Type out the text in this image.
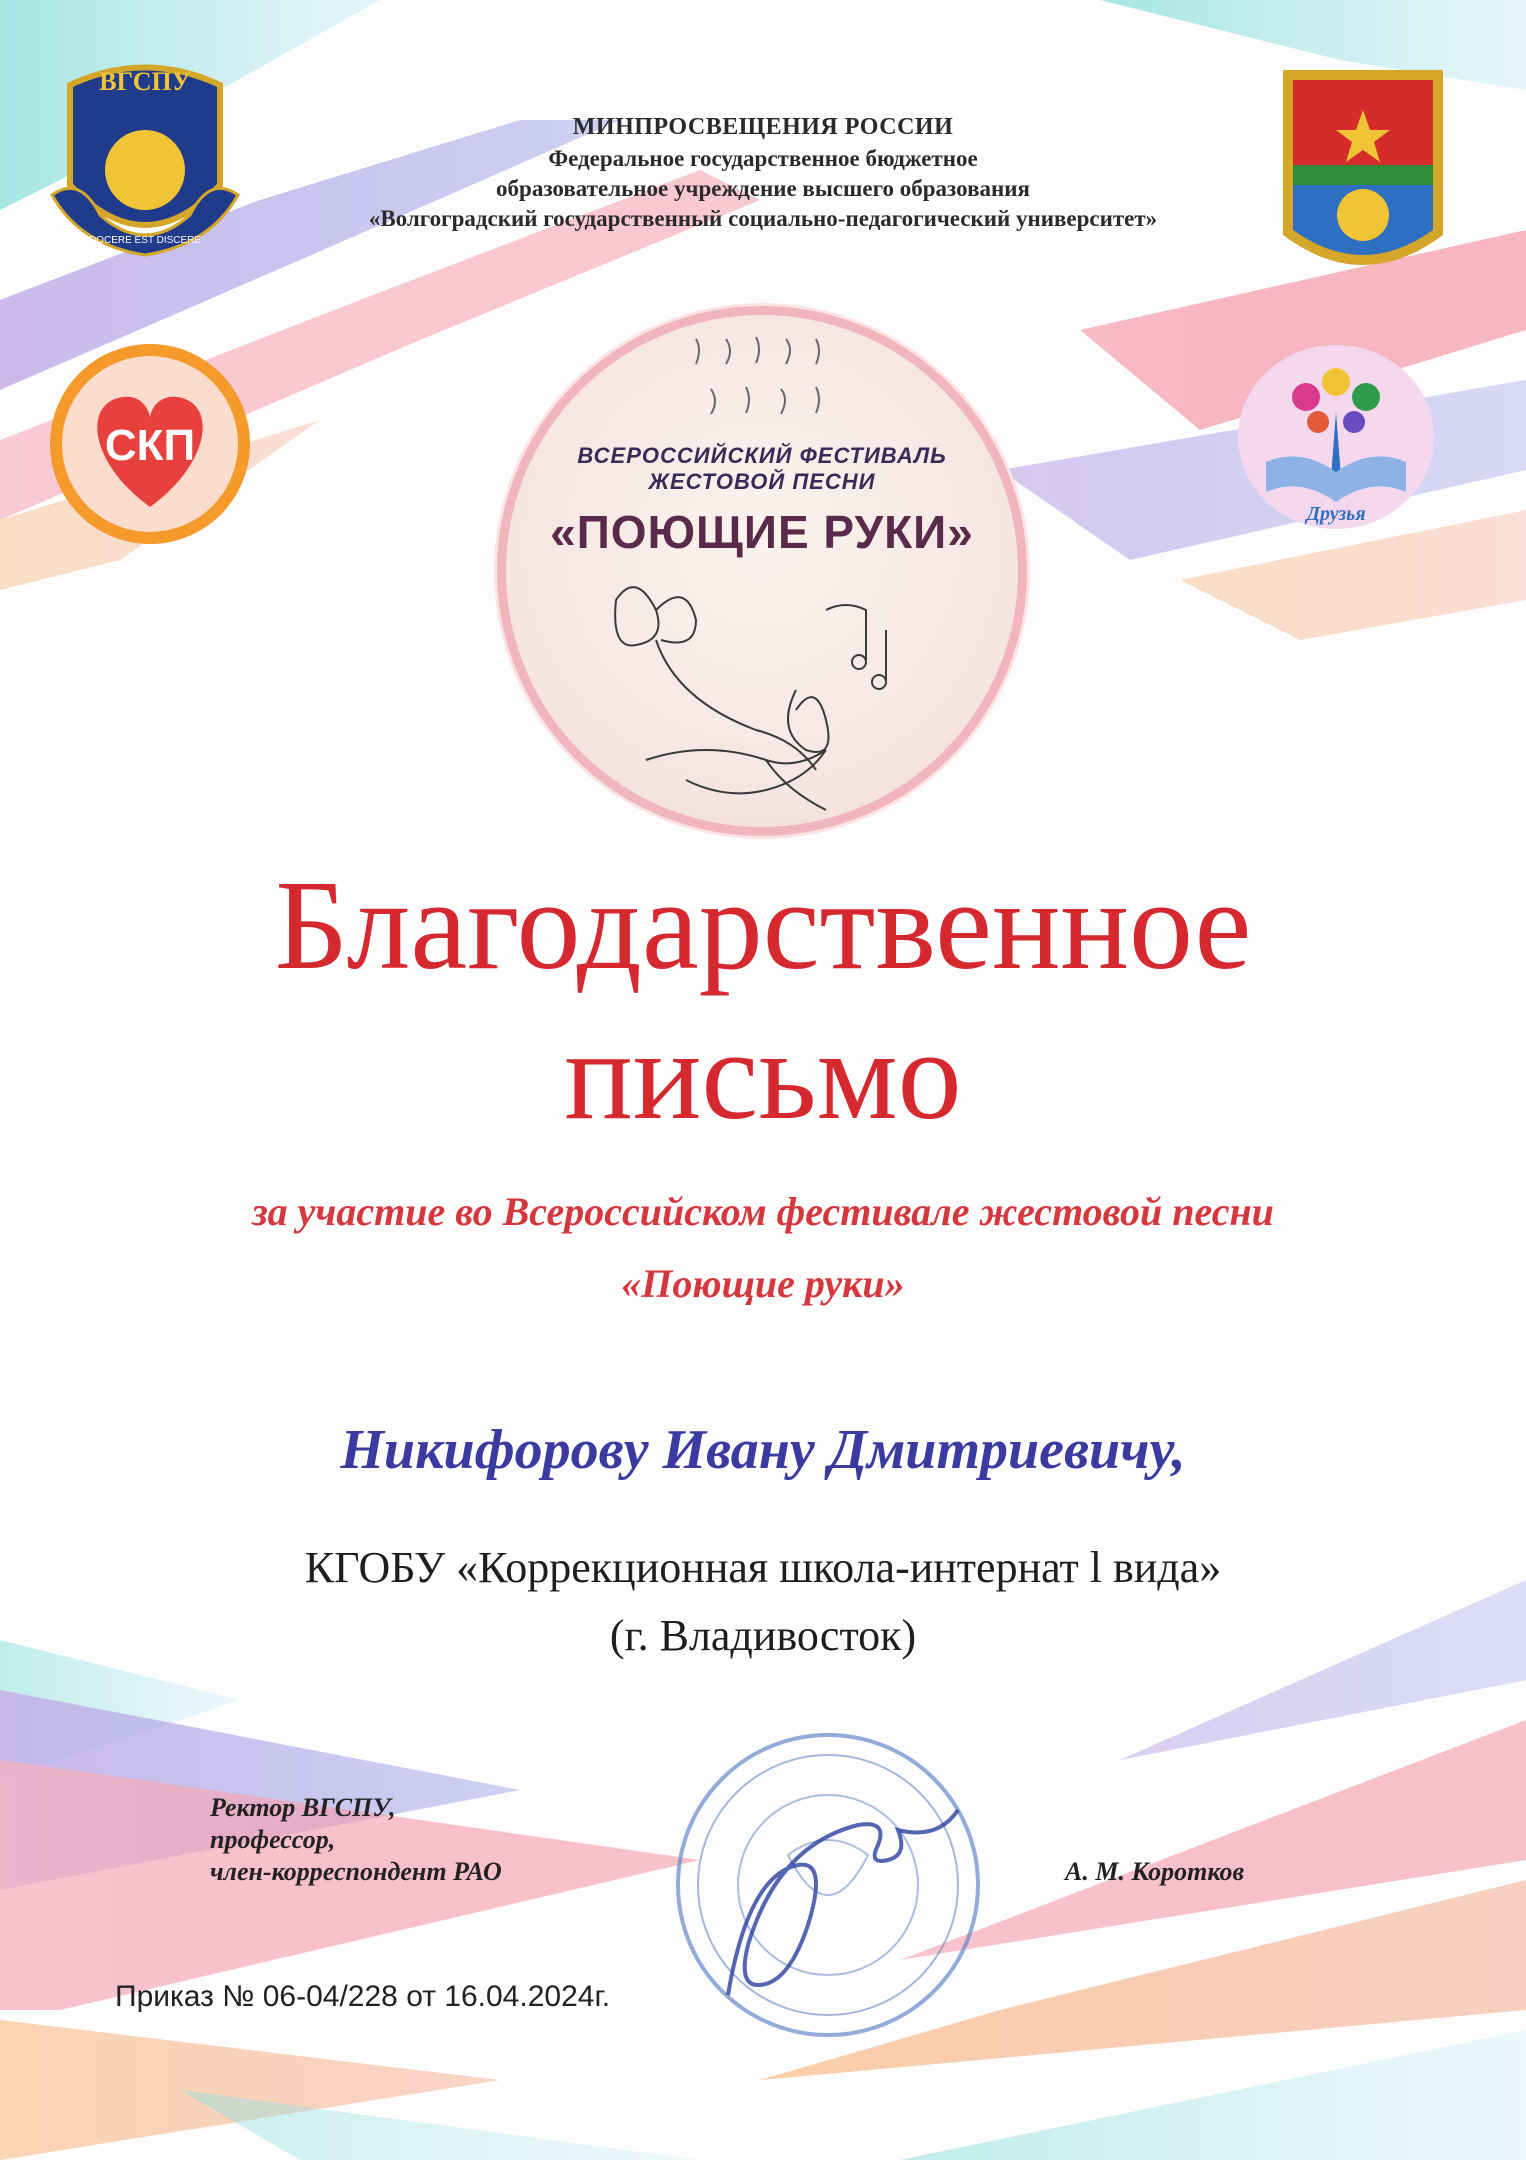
ВГСПУ
DOCERE EST DISCERE
СКП
Друзья
МИНПРОСВЕЩЕНИЯ РОССИИ
Федеральное государственное бюджетное
образовательное учреждение высшего образования
«Волгоградский государственный социально-педагогический университет»
ВСЕРОССИЙСКИЙ ФЕСТИВАЛЬ
ЖЕСТОВОЙ ПЕСНИ
«ПОЮЩИЕ РУКИ»
Благодарственное
письмо
за участие во Всероссийском фестивале жестовой песни
«Поющие руки»
Никифорову Ивану Дмитриевичу,
КГОБУ «Коррекционная школа-интернат l вида»
(г. Владивосток)
Ректор ВГСПУ,
профессор,
член-корреспондент РАО	А. М. Коротков
Приказ № 06-04/228 от 16.04.2024г.
